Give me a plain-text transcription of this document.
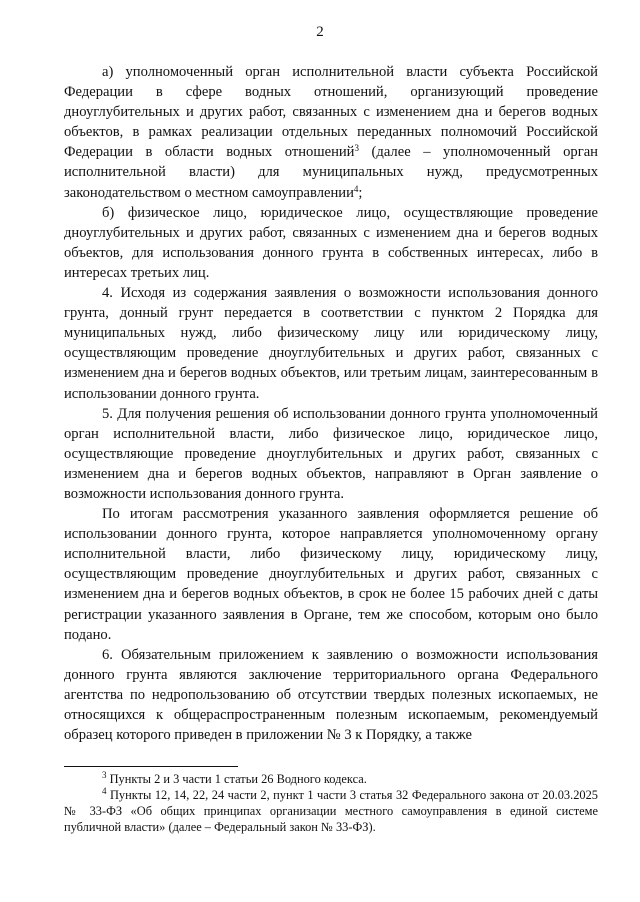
2

а) уполномоченный орган исполнительной власти субъекта Российской Федерации в сфере водных отношений, организующий проведение дноуглубительных и других работ, связанных с изменением дна и берегов водных объектов, в рамках реализации отдельных переданных полномочий Российской Федерации в области водных отношений$^3$ (далее – уполномоченный орган исполнительной власти) для муниципальных нужд, предусмотренных законодательством о местном самоуправлении$^4$;

б) физическое лицо, юридическое лицо, осуществляющие проведение дноуглубительных и других работ, связанных с изменением дна и берегов водных объектов, для использования донного грунта в собственных интересах, либо в интересах третьих лиц.

4. Исходя из содержания заявления о возможности использования донного грунта, донный грунт передается в соответствии с пунктом 2 Порядка для муниципальных нужд, либо физическому лицу или юридическому лицу, осуществляющим проведение дноуглубительных и других работ, связанных с изменением дна и берегов водных объектов, или третьим лицам, заинтересованным в использовании донного грунта.

5. Для получения решения об использовании донного грунта уполномоченный орган исполнительной власти, либо физическое лицо, юридическое лицо, осуществляющие проведение дноуглубительных и других работ, связанных с изменением дна и берегов водных объектов, направляют в Орган заявление о возможности использования донного грунта.

По итогам рассмотрения указанного заявления оформляется решение об использовании донного грунта, которое направляется уполномоченному органу исполнительной власти, либо физическому лицу, юридическому лицу, осуществляющим проведение дноуглубительных и других работ, связанных с изменением дна и берегов водных объектов, в срок не более 15 рабочих дней с даты регистрации указанного заявления в Органе, тем же способом, которым оно было подано.

6. Обязательным приложением к заявлению о возможности использования донного грунта являются заключение территориального органа Федерального агентства по недропользованию об отсутствии твердых полезных ископаемых, не относящихся к общераспространенным полезным ископаемым, рекомендуемый образец которого приведен в приложении № 3 к Порядку, а также

$^3$ Пункты 2 и 3 части 1 статьи 26 Водного кодекса.

$^4$ Пункты 12, 14, 22, 24 части 2, пункт 1 части 3 статья 32 Федерального закона от 20.03.2025 № 33-ФЗ «Об общих принципах организации местного самоуправления в единой системе публичной власти» (далее – Федеральный закон № 33-ФЗ).
